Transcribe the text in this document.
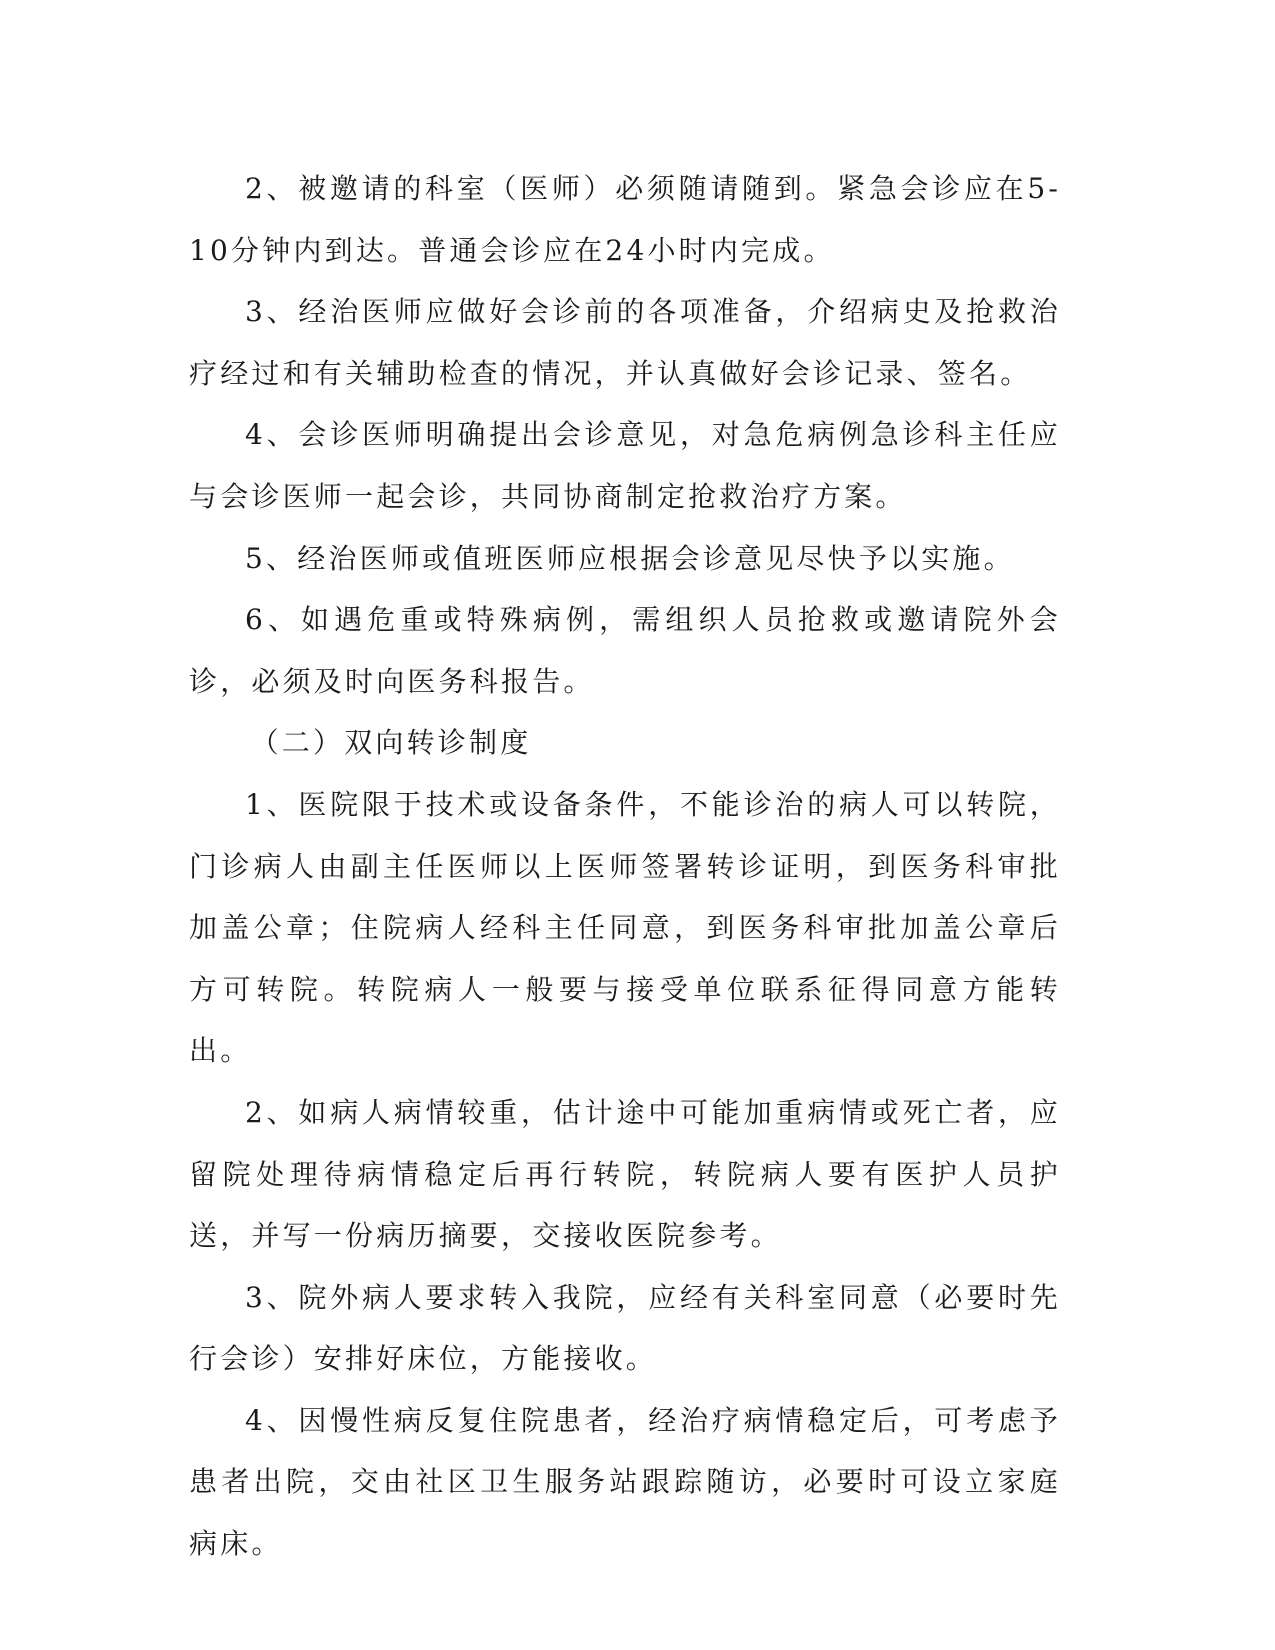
2、被邀请的科室（医师）必须随请随到。紧急会诊应在5-10分钟内到达。普通会诊应在24小时内完成。

3、经治医师应做好会诊前的各项准备，介绍病史及抢救治疗经过和有关辅助检查的情况，并认真做好会诊记录、签名。

4、会诊医师明确提出会诊意见，对急危病例急诊科主任应与会诊医师一起会诊，共同协商制定抢救治疗方案。

5、经治医师或值班医师应根据会诊意见尽快予以实施。

6、如遇危重或特殊病例，需组织人员抢救或邀请院外会诊，必须及时向医务科报告。

（二）双向转诊制度

1、医院限于技术或设备条件，不能诊治的病人可以转院，门诊病人由副主任医师以上医师签署转诊证明，到医务科审批加盖公章；住院病人经科主任同意，到医务科审批加盖公章后方可转院。转院病人一般要与接受单位联系征得同意方能转出。

2、如病人病情较重，估计途中可能加重病情或死亡者，应留院处理待病情稳定后再行转院，转院病人要有医护人员护送，并写一份病历摘要，交接收医院参考。

3、院外病人要求转入我院，应经有关科室同意（必要时先行会诊）安排好床位，方能接收。

4、因慢性病反复住院患者，经治疗病情稳定后，可考虑予患者出院，交由社区卫生服务站跟踪随访，必要时可设立家庭病床。
